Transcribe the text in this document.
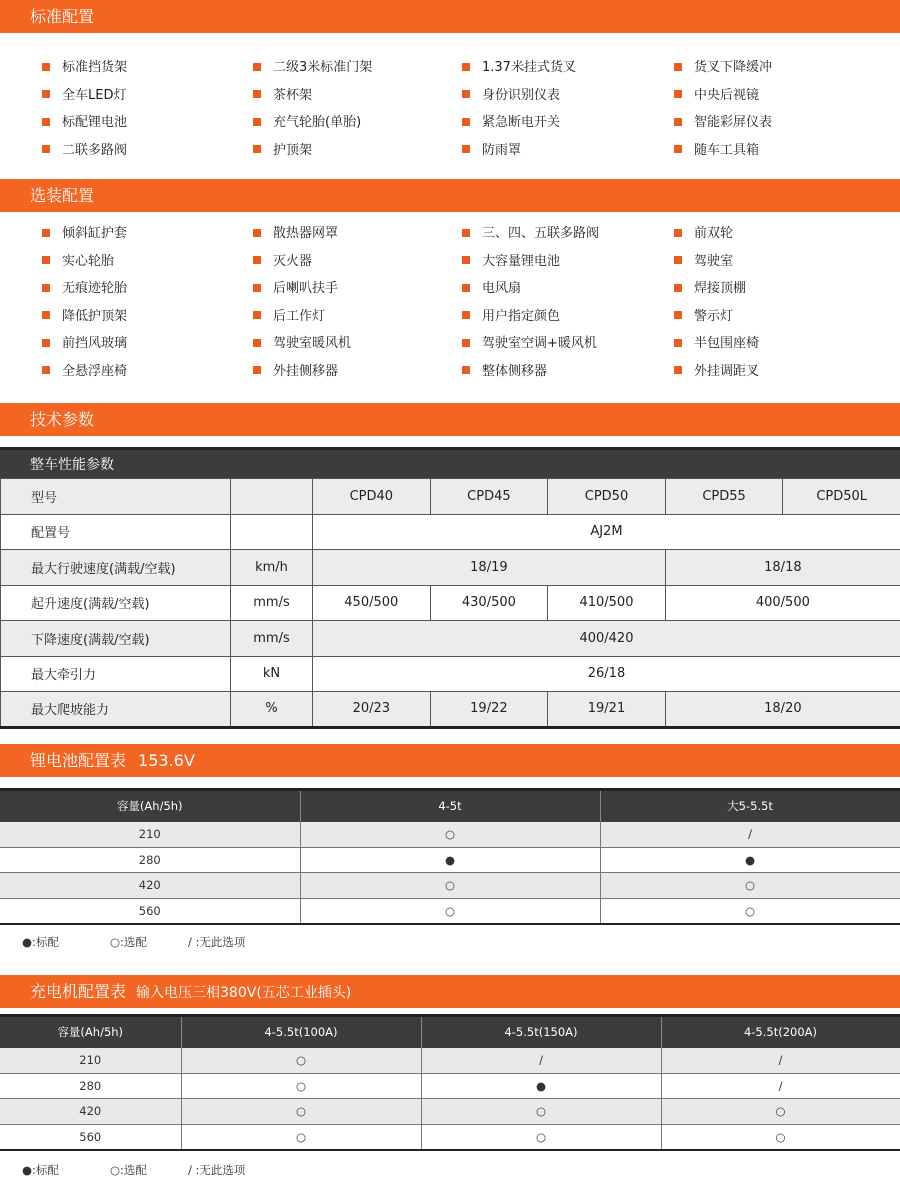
标准配置
标准挡货架	二级3米标准门架	1.37米挂式货叉	货叉下降缓冲
全车LED灯	茶杯架	身份识别仪表	中央后视镜
标配锂电池	充气轮胎(单胎)	紧急断电开关	智能彩屏仪表
二联多路阀	护顶架	防雨罩	随车工具箱
选装配置
倾斜缸护套	散热器网罩	三、四、五联多路阀	前双轮
实心轮胎	灭火器	大容量锂电池	驾驶室
无痕迹轮胎	后喇叭扶手	电风扇	焊接顶棚
降低护顶架	后工作灯	用户指定颜色	警示灯
前挡风玻璃	驾驶室暖风机	驾驶室空调+暖风机	半包围座椅
全悬浮座椅	外挂侧移器	整体侧移器	外挂调距叉
技术参数
整车性能参数
型号		CPD40	CPD45	CPD50	CPD55	CPD50L
配置号		AJ2M				
最大行驶速度(满载/空载)	km/h	18/19			18/18	
起升速度(满载/空载)	mm/s	450/500	430/500	410/500	400/500	
下降速度(满载/空载)	mm/s	400/420				
最大牵引力	kN	26/18				
最大爬坡能力	%	20/23	19/22	19/21	18/20	
锂电池配置表 153.6V
容量(Ah/5h)	4-5t	大5-5.5t
210	○	/
280	●	●
420	○	○
560	○	○
●:标配	○:选配	/ :无此选项
充电机配置表 输入电压三相380V(五芯工业插头)
容量(Ah/5h)	4-5.5t(100A)	4-5.5t(150A)	4-5.5t(200A)
210	○	/	/
280	○	●	/
420	○	○	○
560	○	○	○
●:标配	○:选配	/ :无此选项
